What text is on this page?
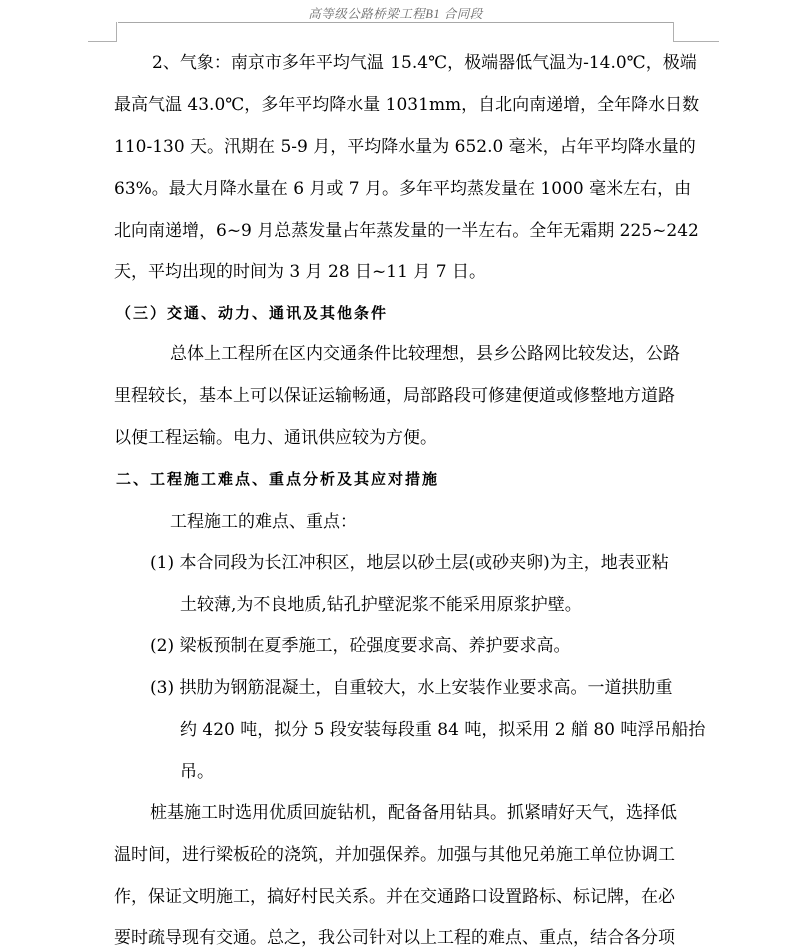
高等级公路桥梁工程B1 合同段
2、气象：南京市多年平均气温 15.4℃，极端器低气温为-14.0℃，极端
最高气温 43.0℃，多年平均降水量 1031mm，自北向南递增，全年降水日数
110-130 天。汛期在 5-9 月，平均降水量为 652.0 毫米，占年平均降水量的
63%。最大月降水量在 6 月或 7 月。多年平均蒸发量在 1000 毫米左右，由
北向南递增，6~9 月总蒸发量占年蒸发量的一半左右。全年无霜期 225~242
天，平均出现的时间为 3 月 28 日~11 月 7 日。
（三）交通、动力、通讯及其他条件
总体上工程所在区内交通条件比较理想，县乡公路网比较发达，公路
里程较长，基本上可以保证运输畅通，局部路段可修建便道或修整地方道路
以便工程运输。电力、通讯供应较为方便。
二、工程施工难点、重点分析及其应对措施
工程施工的难点、重点：
(1) 本合同段为长江冲积区，地层以砂土层(或砂夹卵)为主，地表亚粘
土较薄,为不良地质,钻孔护壁泥浆不能采用原浆护壁。
(2) 梁板预制在夏季施工，砼强度要求高、养护要求高。
(3) 拱肋为钢筋混凝土，自重较大，水上安装作业要求高。一道拱肋重
约 420 吨，拟分 5 段安装每段重 84 吨，拟采用 2 艏 80 吨浮吊船抬
吊。
桩基施工时选用优质回旋钻机，配备备用钻具。抓紧晴好天气，选择低
温时间，进行梁板砼的浇筑，并加强保养。加强与其他兄弟施工单位协调工
作，保证文明施工，搞好村民关系。并在交通路口设置路标、标记牌，在必
要时疏导现有交通。总之，我公司针对以上工程的难点、重点，结合各分项
